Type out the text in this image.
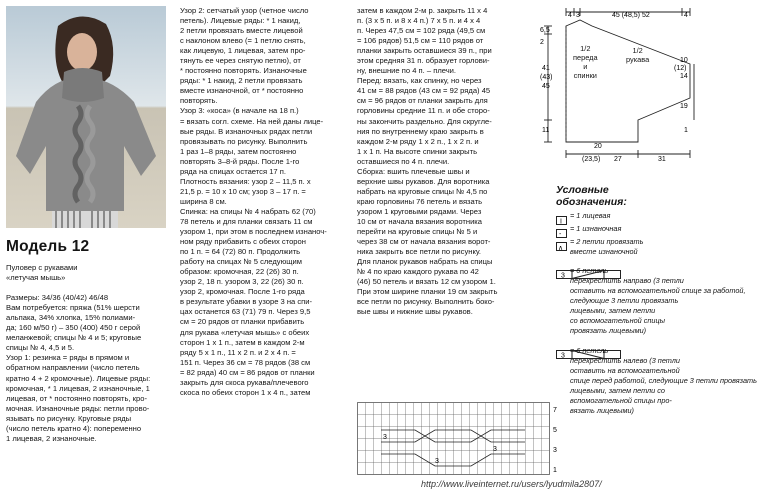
Модель 12
Пуловер с рукавами
«летучая мышь»

Размеры: 34/36 (40/42) 46/48
Вам потребуется: пряжа (51% шерсти
альпака, 34% хлопка, 15% полиами-
да; 160 м/50 г) – 350 (400) 450 г серой
меланжевой; спицы № 4 и 5; круговые
спицы № 4, 4,5 и 5.
Узор 1: резинка = ряды в прямом и
обратном направлении (число петель
кратно 4 + 2 кромочные). Лицевые ряды:
кромочная, * 1 лицевая, 2 изнаночные, 1
лицевая, от * постоянно повторять, кро-
мочная. Изнаночные ряды: петли прово-
язывать по рисунку. Круговые ряды
(число петель кратно 4): попеременно
1 лицевая, 2 изнаночные.
Узор 2: сетчатый узор (четное число
петель). Лицевые ряды: * 1 накид,
2 петли провязать вместе лицевой
с наклоном влево (= 1 петлю снять,
как лицевую, 1 лицевая, затем про-
тянуть ее через снятую петлю), от
* постоянно повторять. Изнаночные
ряды: * 1 накид, 2 петли провязать
вместе изнаночной, от * постоянно
повторять.
Узор 3: «коса» (в начале на 18 п.)
= вязать согл. схеме. На ней даны лице-
вые ряды. В изнаночных рядах петли
провязывать по рисунку. Выполнить
1 раз 1–8 ряды, затем постоянно
повторять 3–8-й ряды. После 1-го
ряда на спицах остается 17 п.
Плотность вязания: узор 2 – 11,5 п. х
21,5 р. = 10 х 10 см; узор 3 – 17 п. =
ширина 8 см.
Спинка: на спицы № 4 набрать 62 (70)
78 петель и для планки связать 11 см
узором 1, при этом в последнем изнаноч-
ном ряду прибавить с обеих сторон
по 1 п. = 64 (72) 80 п. Продолжить
работу на спицах № 5 следующим
образом: кромочная, 22 (26) 30 п.
узор 2, 18 п. узором 3, 22 (26) 30 п.
узор 2, кромочная. После 1-го ряда
в результате убавки в узоре 3 на спи-
цах останется 63 (71) 79 п. Через 9,5
см = 20 рядов от планки прибавить
для рукава «летучая мышь» с обеих
сторон 1 х 1 п., затем в каждом 2-м
ряду 5 х 1 п., 11 х 2 п. и 2 х 4 п. =
151 п. Через 36 см = 78 рядов (38 см
= 82 ряда) 40 см = 86 рядов от планки
закрыть для скоса рукава/плечевого
скоса по обеих сторон 1 х 4 п., затем
затем в каждом 2-м р. закрыть 11 х 4
п. (3 х 5 п. и 8 х 4 п.) 7 х 5 п. и 4 х 4
п. Через 47,5 см = 102 ряда (49,5 см
= 106 рядов) 51,5 см = 110 рядов от
планки закрыть оставшиеся 39 п., при
этом средняя 31 п. образует горлови-
ну, внешние по 4 п. – плечи.
Перед: вязать, как спинку, но через
41 см = 88 рядов (43 см = 92 ряда) 45
см = 96 рядов от планки закрыть для
горловины средние 11 п. и обе сторо-
ны закончить раздельно. Для скругле-
ния по внутреннему краю закрыть в
каждом 2-м ряду 1 х 2 п., 1 х 2 п. и
1 х 1 п. На высоте спинки закрыть
оставшиеся по 4 п. плечи.
Сборка: вшить плечевые швы и
верхние швы рукавов. Для воротника
набрать на круговые спицы № 4,5 по
краю горловины 76 петель и вязать
узором 1 круговыми рядами. Через
10 см от начала вязания воротника
перейти на круговые спицы № 5 и
через 38 см от начала вязания ворот-
ника закрыть все петли по рисунку.
Для планок рукавов набрать на спицы
№ 4 по краю каждого рукава по 42
(46) 50 петель и вязать 12 см узором 1.
При этом ширине планки 19 см закрыть
все петли по рисунку. Выполнить боко-
вые швы и нижние швы рукавов.
4 3	45 (48,5) 52	4
6,5
2
41
(43)
45
11
10
(12)
14
19
1
20
(23,5) 27	31
1/2
переда
и
спинки
1/2
рукава
Условные
обозначения:
I
= 1 лицевая
-
= 1 изнаночная
∧
= 2 петли провязать
вместе изнаночной
3
= 6 петель
перекрестить направо (3 петли
оставить на вспомогательной спице за работой,
следующие 3 петли провязать
лицевыми, затем петли
со вспомогательной спицы
провязать лицевыми)
3
= 6 петель
перекрестить налево (3 петли
оставить на вспомогательной
спице перед работой, следующие 3 петли провязать
лицевыми, затем петли со
вспомогательной спицы про-
вязать лицевыми)
3
3
3
7
5
3
1
http://www.liveinternet.ru/users/lyudmila2807/
